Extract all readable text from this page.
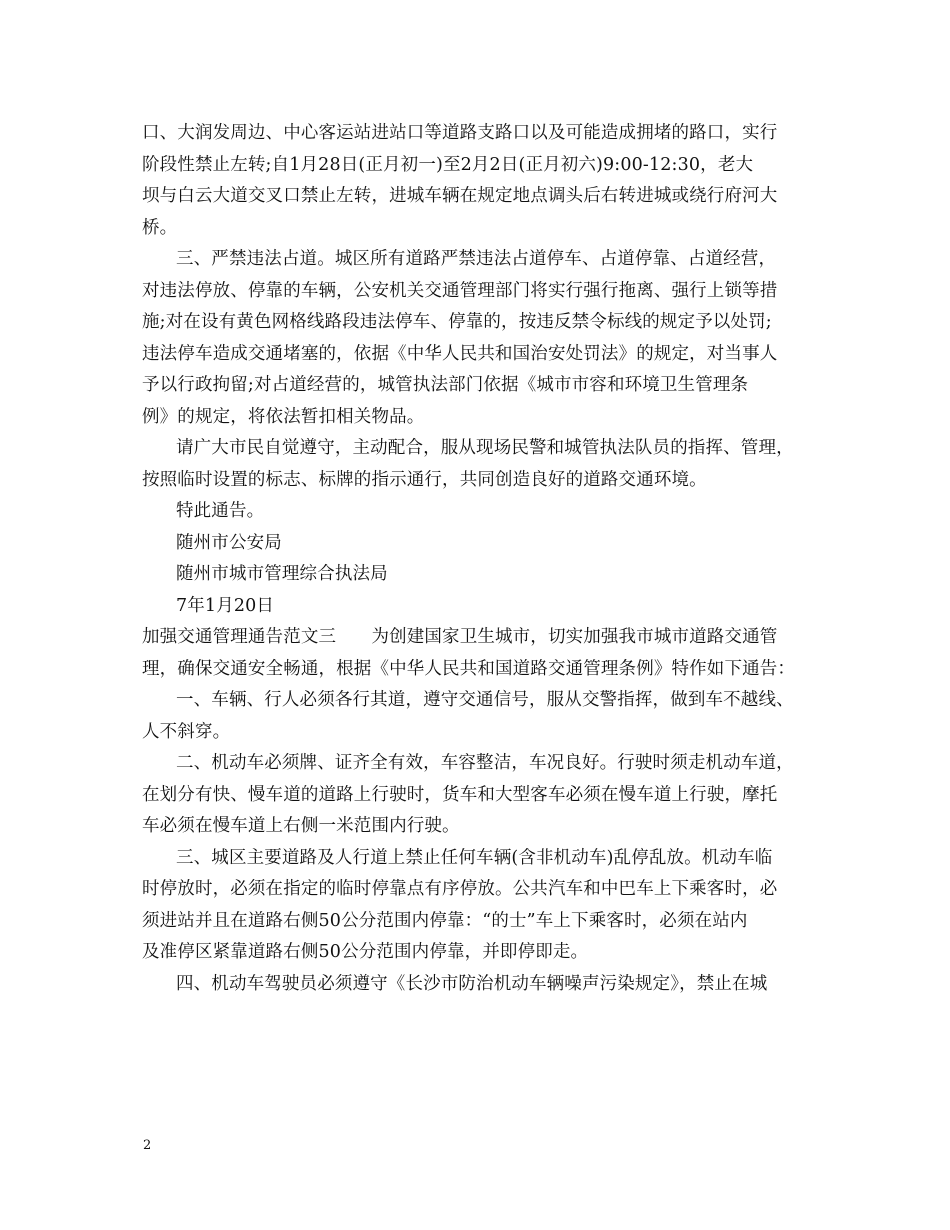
口、大润发周边、中心客运站进站口等道路支路口以及可能造成拥堵的路口，实行
阶段性禁止左转;自1月28日(正月初一)至2月2日(正月初六)9:00-12:30，老大
坝与白云大道交叉口禁止左转，进城车辆在规定地点调头后右转进城或绕行府河大
桥。
三、严禁违法占道。城区所有道路严禁违法占道停车、占道停靠、占道经营，
对违法停放、停靠的车辆，公安机关交通管理部门将实行强行拖离、强行上锁等措
施;对在设有黄色网格线路段违法停车、停靠的，按违反禁令标线的规定予以处罚;
违法停车造成交通堵塞的，依据《中华人民共和国治安处罚法》的规定，对当事人
予以行政拘留;对占道经营的，城管执法部门依据《城市市容和环境卫生管理条
例》的规定，将依法暂扣相关物品。
请广大市民自觉遵守，主动配合，服从现场民警和城管执法队员的指挥、管理，
按照临时设置的标志、标牌的指示通行，共同创造良好的道路交通环境。
特此通告。
随州市公安局
随州市城市管理综合执法局
7年1月20日
加强交通管理通告范文三　　为创建国家卫生城市，切实加强我市城市道路交通管
理，确保交通安全畅通，根据《中华人民共和国道路交通管理条例》特作如下通告：
一、车辆、行人必须各行其道，遵守交通信号，服从交警指挥，做到车不越线、
人不斜穿。
二、机动车必须牌、证齐全有效，车容整洁，车况良好。行驶时须走机动车道，
在划分有快、慢车道的道路上行驶时，货车和大型客车必须在慢车道上行驶，摩托
车必须在慢车道上右侧一米范围内行驶。
三、城区主要道路及人行道上禁止任何车辆(含非机动车)乱停乱放。机动车临
时停放时，必须在指定的临时停靠点有序停放。公共汽车和中巴车上下乘客时，必
须进站并且在道路右侧50公分范围内停靠：“的士”车上下乘客时，必须在站内
及准停区紧靠道路右侧50公分范围内停靠，并即停即走。
四、机动车驾驶员必须遵守《长沙市防治机动车辆噪声污染规定》，禁止在城
2
